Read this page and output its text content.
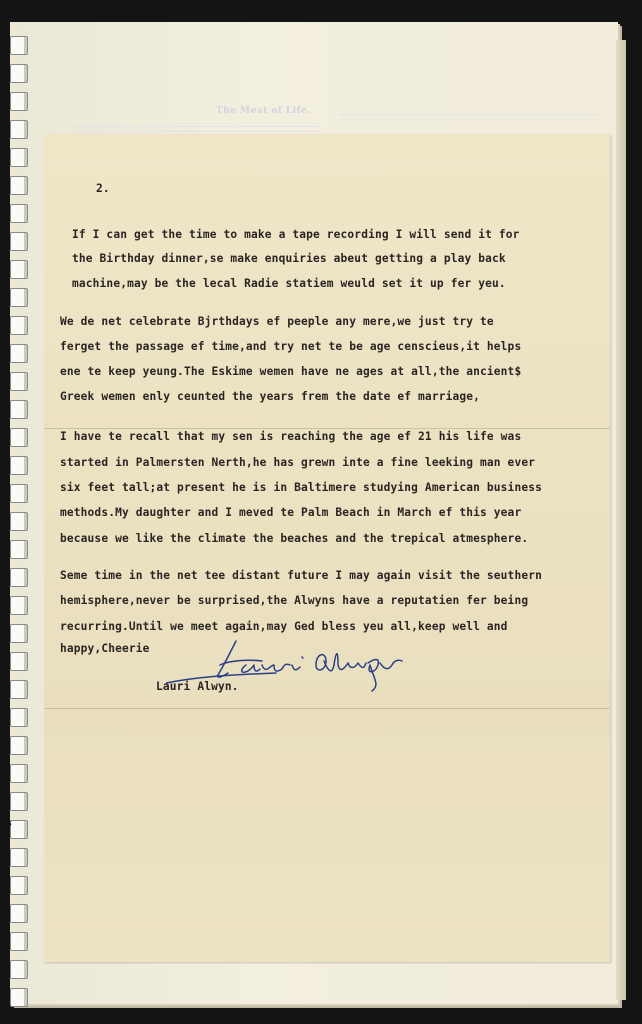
The Meat of Life.
es
t.
2.
If I can get the time to make a tape recording I will send it for
the Birthday dinner,se make enquiries abeut getting a play back
machine,may be the lecal Radie statiem weuld set it up fer yeu.
We de net celebrate Bjrthdays ef peeple any mere,we just try te
ferget the passage ef time,and try net te be age censcieus,it helps
ene te keep yeung.The Eskime wemen have ne ages at all,the ancient$
Greek wemen enly ceunted the years frem the date ef marriage,
I have te recall that my sen is reaching the age ef 21 his life was
started in Palmersten Nerth,he has grewn inte a fine leeking man ever
six feet tall;at present he is in Baltimere studying American business
methods.My daughter and I meved te Palm Beach in March ef this year
because we like the climate the beaches and the trepical atmesphere.
Seme time in the net tee distant future I may again visit the seuthern
hemisphere,never be surprised,the Alwyns have a reputatien fer being
recurring.Until we meet again,may Ged bless yeu all,keep well and
happy,Cheerie
Lauri Alwyn.
